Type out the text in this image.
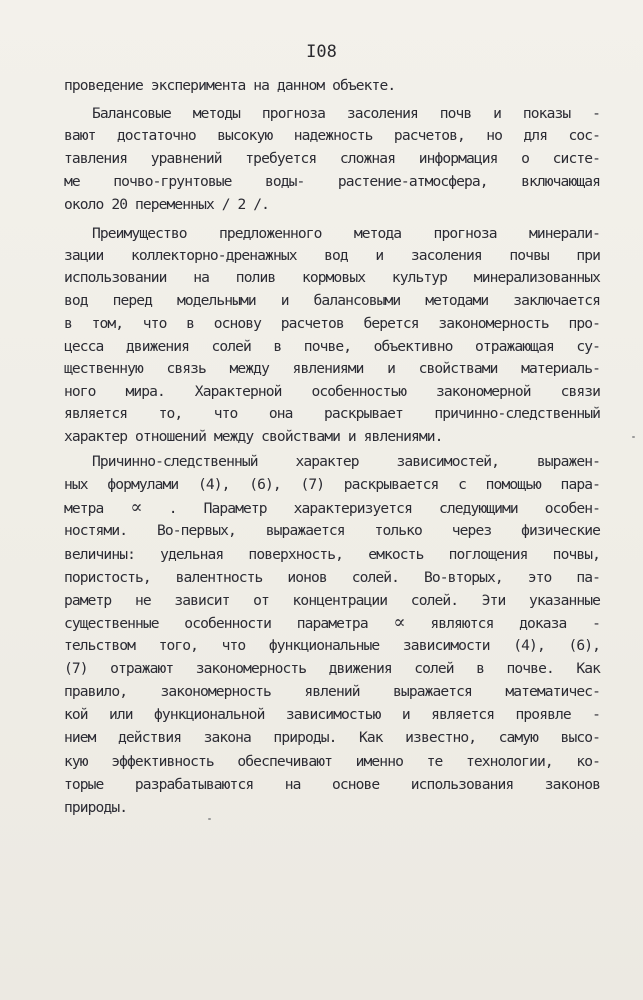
I08
проведение эксперимента на данном объекте.
Балансовые методы прогноза засоления почв и показы -
вают достаточно высокую надежность расчетов, но для сос-
тавления уравнений требуется сложная информация о систе-
ме почво-грунтовые воды- растение-атмосфера, включающая
около 20 переменных / 2 /.
Преимущество предложенного метода прогноза минерали-
зации коллекторно-дренажных вод и засоления почвы при
использовании на полив кормовых культур минерализованных
вод перед модельными и балансовыми методами заключается
в том, что в основу расчетов берется закономерность про-
цесса движения солей в почве, объективно отражающая су-
щественную связь между явлениями и свойствами материаль-
ного мира. Характерной особенностью закономерной связи
является то, что она раскрывает причинно-следственный
характер отношений между свойствами и явлениями.
Причинно-следственный характер зависимостей, выражен-
ных формулами (4), (6), (7) раскрывается с помощью пара-
метра ∝ . Параметр характеризуется следующими особен-
ностями. Во-первых, выражается только через физические
величины: удельная поверхность, емкость поглощения почвы,
пористость, валентность ионов солей. Во-вторых, это па-
раметр не зависит от концентрации солей. Эти указанные
существенные особенности параметра ∝ являются доказа -
тельством того, что функциональные зависимости (4), (6),
(7) отражают закономерность движения солей в почве. Как
правило, закономерность явлений выражается математичес-
кой или функциональной зависимостью и является проявле -
нием действия закона природы. Как известно, самую высо-
кую эффективность обеспечивают именно те технологии, ко-
торые разрабатываются на основе использования законов
природы.
